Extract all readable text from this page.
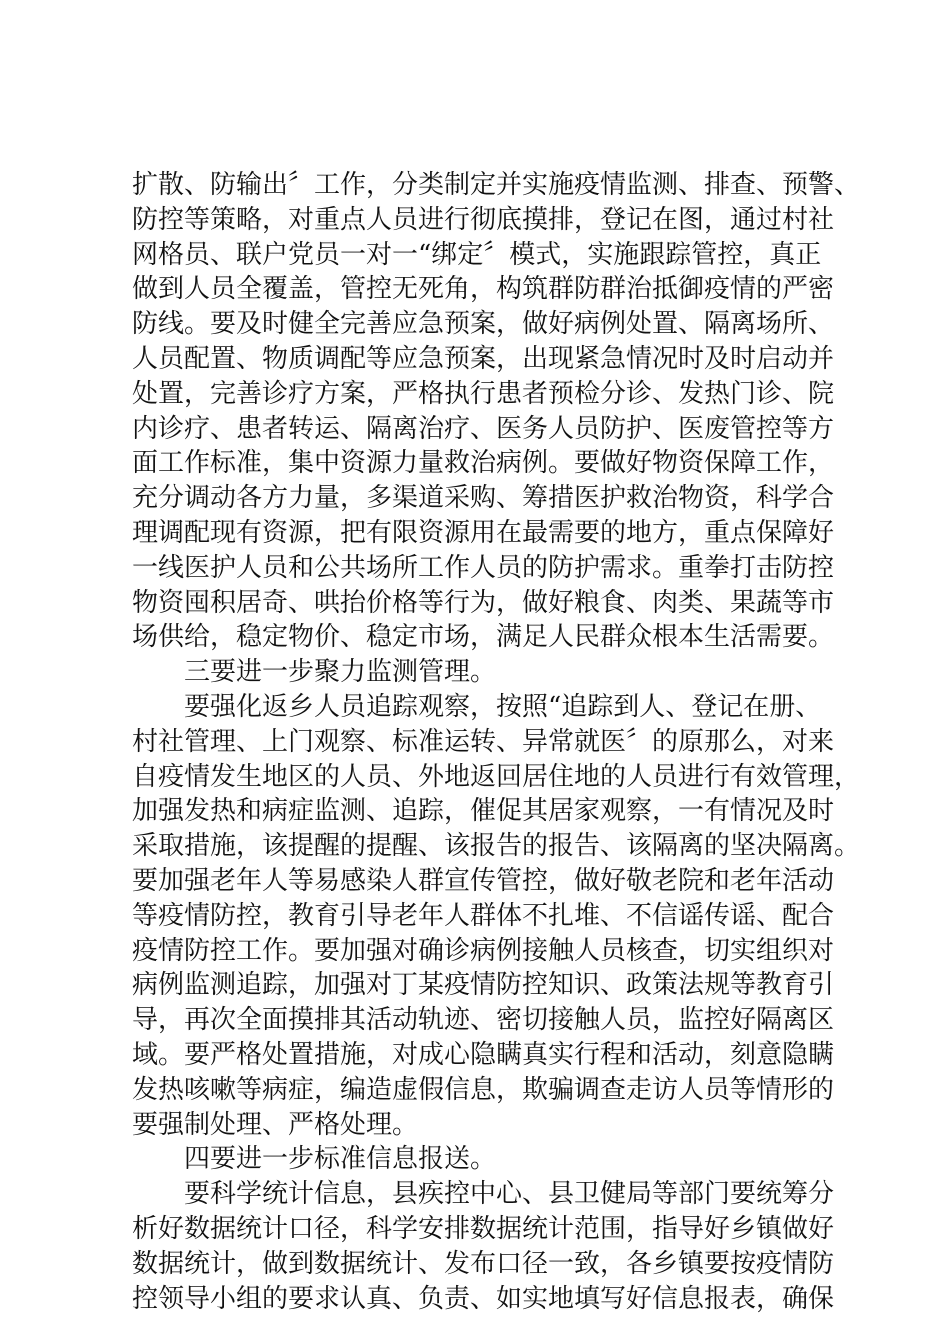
扩散、防输出〞工作，分类制定并实施疫情监测、排查、预警、
防控等策略，对重点人员进行彻底摸排，登记在图，通过村社
网格员、联户党员一对一“绑定〞模式，实施跟踪管控，真正
做到人员全覆盖，管控无死角，构筑群防群治抵御疫情的严密
防线。要及时健全完善应急预案，做好病例处置、隔离场所、
人员配置、物质调配等应急预案，出现紧急情况时及时启动并
处置，完善诊疗方案，严格执行患者预检分诊、发热门诊、院
内诊疗、患者转运、隔离治疗、医务人员防护、医废管控等方
面工作标准，集中资源力量救治病例。要做好物资保障工作，
充分调动各方力量，多渠道采购、筹措医护救治物资，科学合
理调配现有资源，把有限资源用在最需要的地方，重点保障好
一线医护人员和公共场所工作人员的防护需求。重拳打击防控
物资囤积居奇、哄抬价格等行为，做好粮食、肉类、果蔬等市
场供给，稳定物价、稳定市场，满足人民群众根本生活需要。
三要进一步聚力监测管理。
要强化返乡人员追踪观察，按照“追踪到人、登记在册、
村社管理、上门观察、标准运转、异常就医〞的原那么，对来
自疫情发生地区的人员、外地返回居住地的人员进行有效管理，
加强发热和病症监测、追踪，催促其居家观察，一有情况及时
采取措施，该提醒的提醒、该报告的报告、该隔离的坚决隔离。
要加强老年人等易感染人群宣传管控，做好敬老院和老年活动
等疫情防控，教育引导老年人群体不扎堆、不信谣传谣、配合
疫情防控工作。要加强对确诊病例接触人员核查，切实组织对
病例监测追踪，加强对丁某疫情防控知识、政策法规等教育引
导，再次全面摸排其活动轨迹、密切接触人员，监控好隔离区
域。要严格处置措施，对成心隐瞒真实行程和活动，刻意隐瞒
发热咳嗽等病症，编造虚假信息，欺骗调查走访人员等情形的
要强制处理、严格处理。
四要进一步标准信息报送。
要科学统计信息，县疾控中心、县卫健局等部门要统筹分
析好数据统计口径，科学安排数据统计范围，指导好乡镇做好
数据统计，做到数据统计、发布口径一致，各乡镇要按疫情防
控领导小组的要求认真、负责、如实地填写好信息报表，确保
